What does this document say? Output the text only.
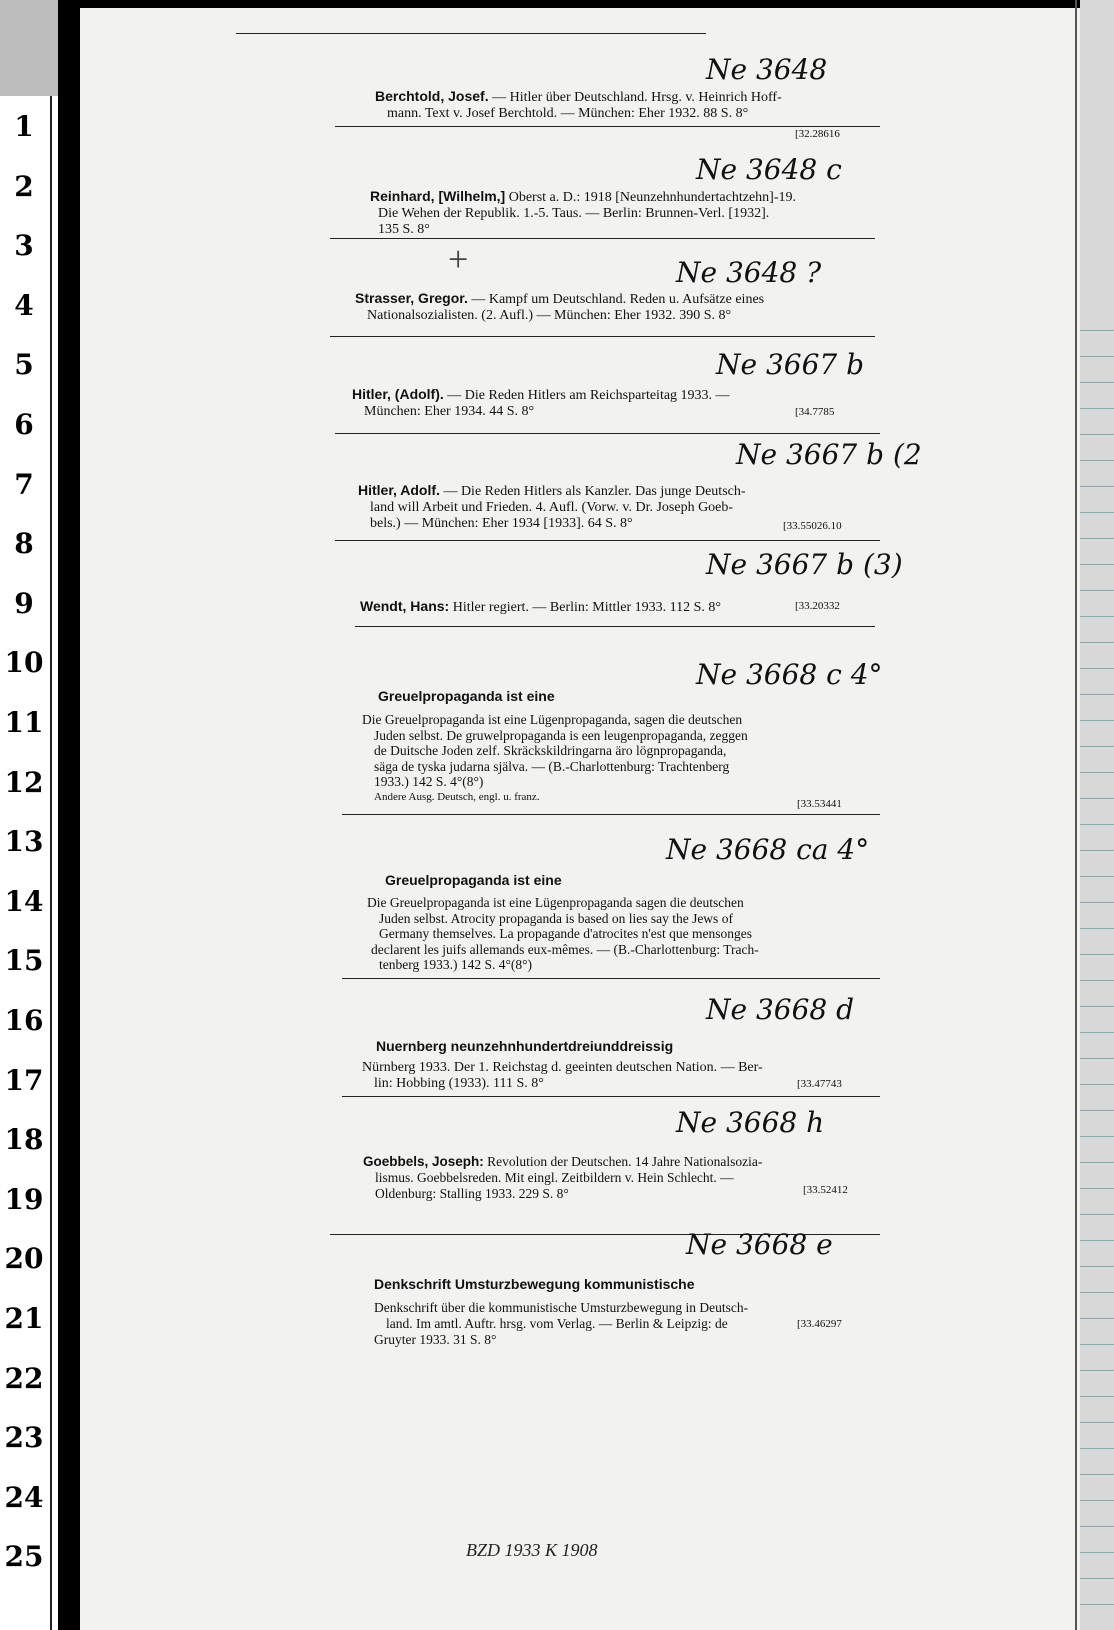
1
2
3
4
5
6
7
8
9
10
11
12
13
14
15
16
17
18
19
20
21
22
23
24
25
Ne 3648
Berchtold, Josef. — Hitler über Deutschland. Hrsg. v. Heinrich Hoff-
mann. Text v. Josef Berchtold. — München: Eher 1932. 88 S. 8°
[32.28616
Ne 3648 c
Reinhard, [Wilhelm,] Oberst a. D.: 1918 [Neunzehnhundertachtzehn]-19.
Die Wehen der Republik. 1.-5. Taus. — Berlin: Brunnen-Verl. [1932].
135 S. 8°
+	Ne 3648 ?
Strasser, Gregor. — Kampf um Deutschland. Reden u. Aufsätze eines
Nationalsozialisten. (2. Aufl.) — München: Eher 1932. 390 S. 8°
Ne 3667 b
Hitler, (Adolf). — Die Reden Hitlers am Reichsparteitag 1933. —
München: Eher 1934. 44 S. 8°	[34.7785
Ne 3667 b (2
Hitler, Adolf. — Die Reden Hitlers als Kanzler. Das junge Deutsch-
land will Arbeit und Frieden. 4. Aufl. (Vorw. v. Dr. Joseph Goeb-
bels.) — München: Eher 1934 [1933]. 64 S. 8°	[33.55026.10
Ne 3667 b (3)
Wendt, Hans: Hitler regiert. — Berlin: Mittler 1933. 112 S. 8°	[33.20332
Ne 3668 c 4°
Greuelpropaganda ist eine
Die Greuelpropaganda ist eine Lügenpropaganda, sagen die deutschen
Juden selbst. De gruwelpropaganda is een leugenpropaganda, zeggen
de Duitsche Joden zelf. Skräckskildringarna äro lögnpropaganda,
säga de tyska judarna själva. — (B.-Charlottenburg: Trachtenberg
1933.) 142 S. 4°(8°)
Andere Ausg. Deutsch, engl. u. franz.
[33.53441
Ne 3668 ca 4°
Greuelpropaganda ist eine
Die Greuelpropaganda ist eine Lügenpropaganda sagen die deutschen
Juden selbst. Atrocity propaganda is based on lies say the Jews of
Germany themselves. La propagande d'atrocites n'est que mensonges
declarent les juifs allemands eux-mêmes. — (B.-Charlottenburg: Trach-
tenberg 1933.) 142 S. 4°(8°)
Ne 3668 d
Nuernberg neunzehnhundertdreiunddreissig
Nürnberg 1933. Der 1. Reichstag d. geeinten deutschen Nation. — Ber-
lin: Hobbing (1933). 111 S. 8°	[33.47743
Ne 3668 h
Goebbels, Joseph: Revolution der Deutschen. 14 Jahre Nationalsozia-
lismus. Goebbelsreden. Mit eingl. Zeitbildern v. Hein Schlecht. —
Oldenburg: Stalling 1933. 229 S. 8°	[33.52412
Ne 3668 e
Denkschrift Umsturzbewegung kommunistische
Denkschrift über die kommunistische Umsturzbewegung in Deutsch-
land. Im amtl. Auftr. hrsg. vom Verlag. — Berlin & Leipzig: de
Gruyter 1933. 31 S. 8°
[33.46297
BZD 1933 K 1908
